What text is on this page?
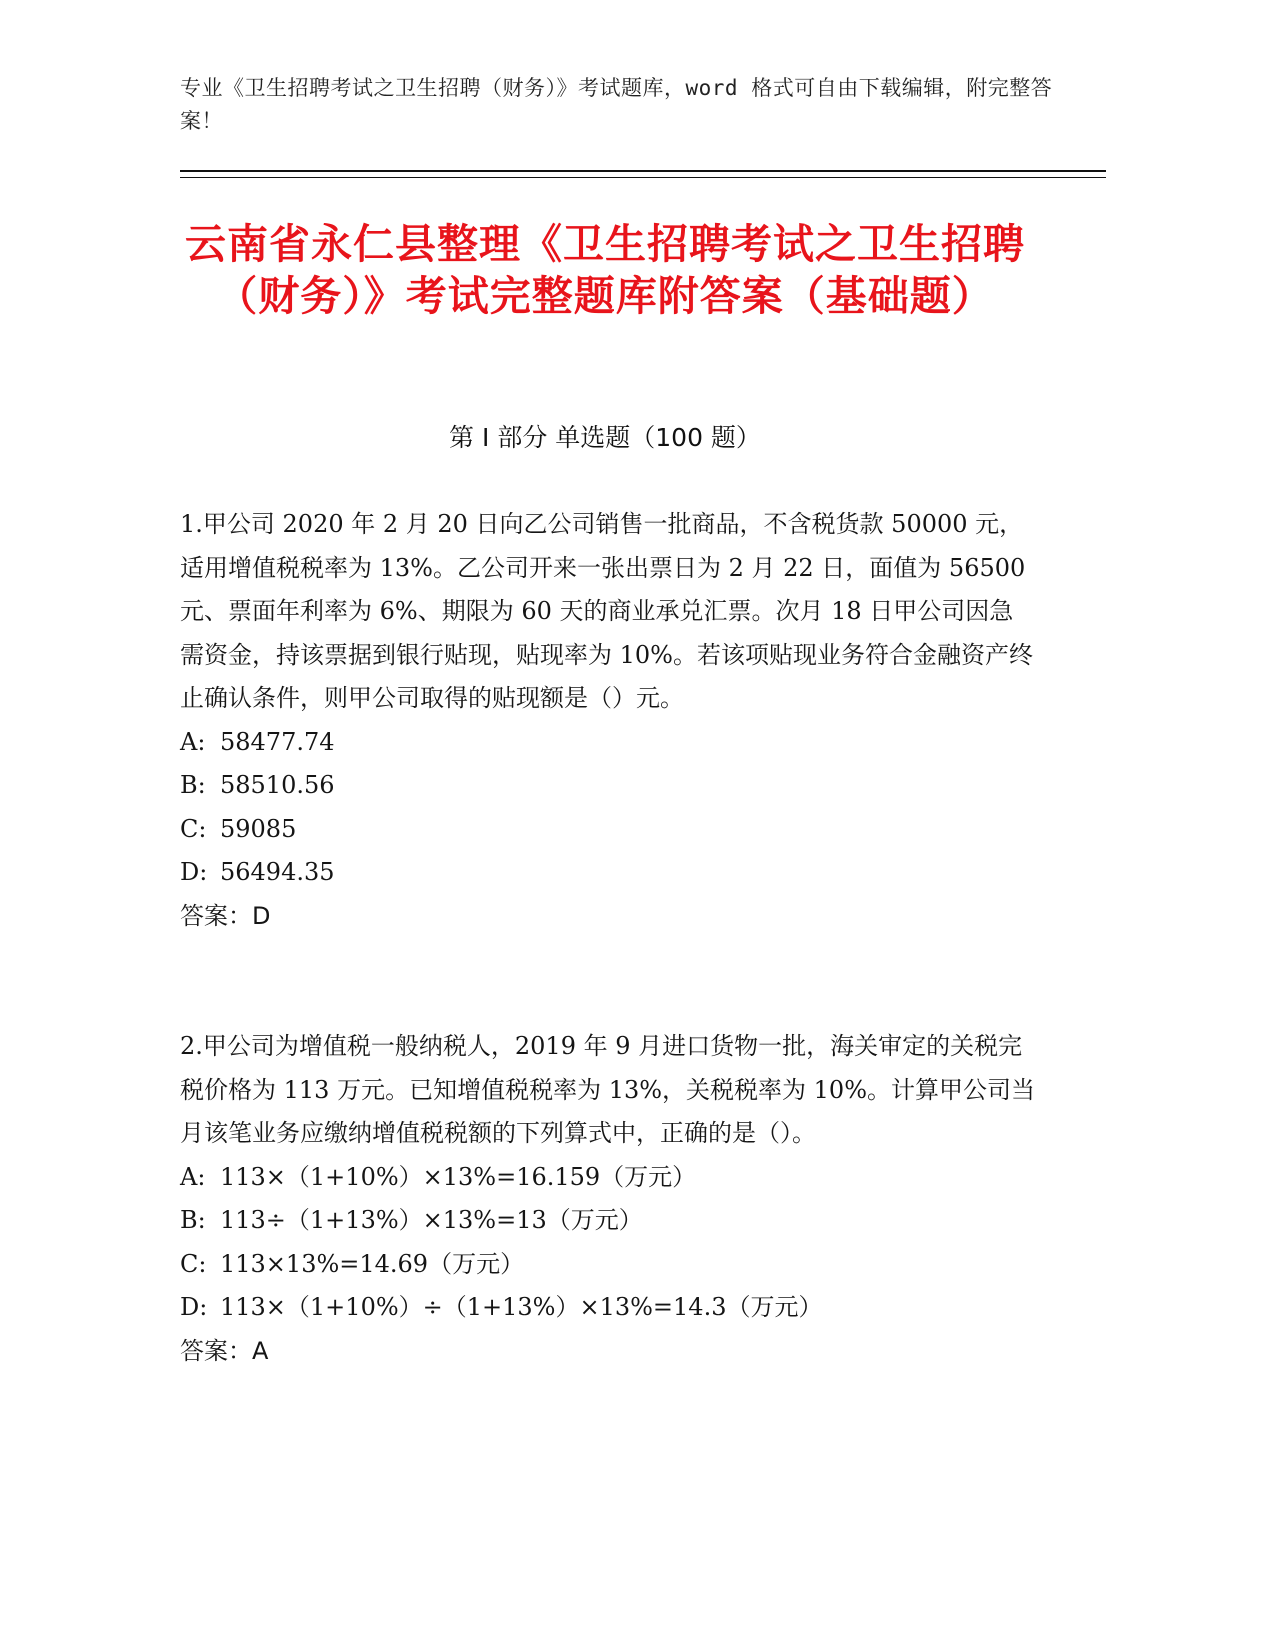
专业《卫生招聘考试之卫生招聘（财务）》考试题库，word 格式可自由下载编辑，附完整答案！
云南省永仁县整理《卫生招聘考试之卫生招聘（财务）》考试完整题库附答案（基础题）
第 I 部分 单选题（100 题）

1.甲公司 2020 年 2 月 20 日向乙公司销售一批商品，不含税货款 50000 元，适用增值税税率为 13%。乙公司开来一张出票日为 2 月 22 日，面值为 56500 元、票面年利率为 6%、期限为 60 天的商业承兑汇票。次月 18 日甲公司因急需资金，持该票据到银行贴现，贴现率为 10%。若该项贴现业务符合金融资产终止确认条件，则甲公司取得的贴现额是（）元。

A: 58477.74

B: 58510.56

C: 59085

D: 56494.35

答案：D

2.甲公司为增值税一般纳税人，2019 年 9 月进口货物一批，海关审定的关税完税价格为 113 万元。已知增值税税率为 13%，关税税率为 10%。计算甲公司当月该笔业务应缴纳增值税税额的下列算式中，正确的是（）。

A: 113×（1+10%）×13%=16.159（万元）

B: 113÷（1+13%）×13%=13（万元）

C: 113×13%=14.69（万元）

D: 113×（1+10%）÷（1+13%）×13%=14.3（万元）

答案：A
